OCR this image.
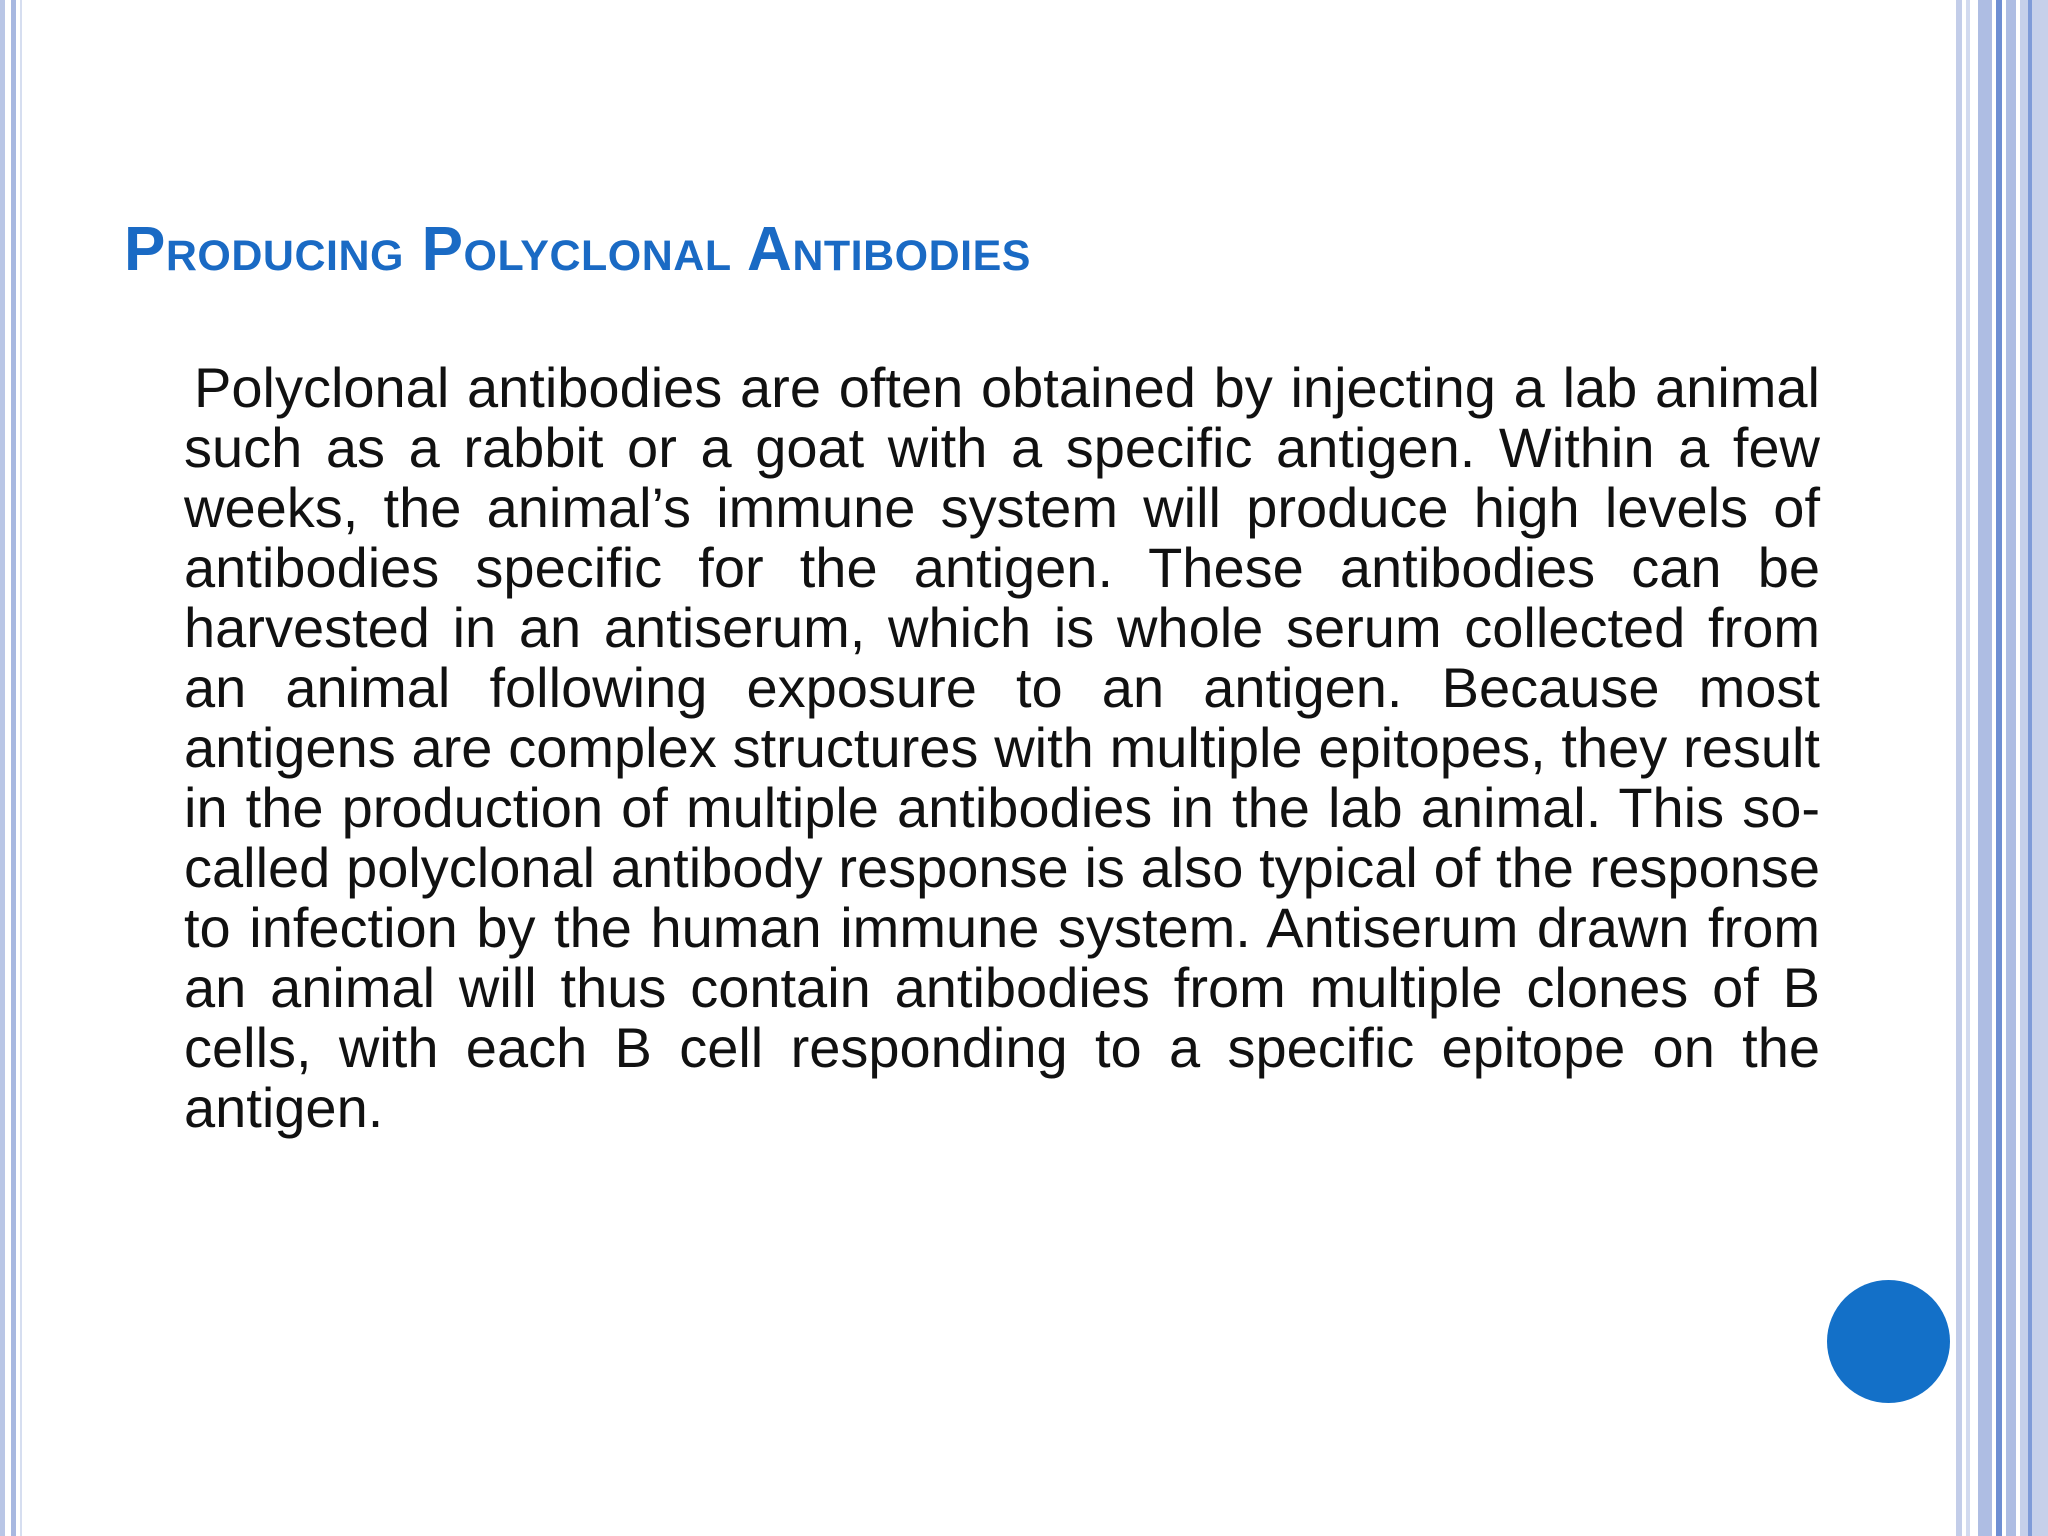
Producing Polyclonal Antibodies

Polyclonal antibodies are often obtained by injecting a lab animal such as a rabbit or a goat with a specific antigen. Within a few weeks, the animal’s immune system will produce high levels of antibodies specific for the antigen. These antibodies can be harvested in an antiserum, which is whole serum collected from an animal following exposure to an antigen. Because most antigens are complex structures with multiple epitopes, they result in the production of multiple antibodies in the lab animal. This so-called polyclonal antibody response is also typical of the response to infection by the human immune system. Antiserum drawn from an animal will thus contain antibodies from multiple clones of B cells, with each B cell responding to a specific epitope on the antigen.
